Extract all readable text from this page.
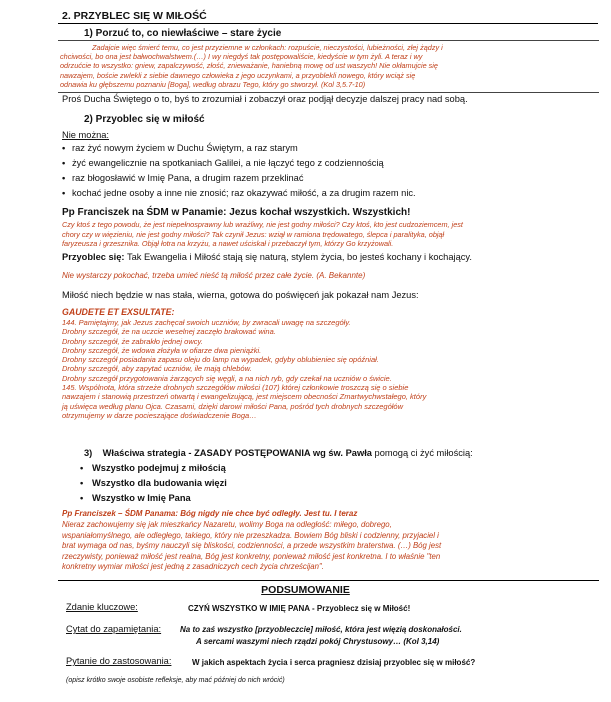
2. PRZYBLEC SIĘ W MIŁOŚĆ
1) Porzuć to, co niewłaściwe – stare życie

Zadajcie więc śmierć temu, co jest przyziemne w członkach: rozpuście, nieczystości, lubieżności, złej żądzy i

chciwości, bo ona jest bałwochwalstwem.(…) I wy niegdyś tak postępowaliście, kiedyście w tym żyli. A teraz i wy

odrzućcie to wszystko: gniew, zapalczywość, złość, znieważanie, haniebną mowę od ust waszych! Nie okłamujcie się

nawzajem, boście zwlekli z siebie dawnego człowieka z jego uczynkami, a przyoblekli nowego, który wciąż się

odnawia ku głębszemu poznaniu [Boga], według obrazu Tego, który go stworzył. (Kol 3,5.7-10)

Proś Ducha Świętego o to, byś to zrozumiał i zobaczył oraz podjął decyzje dalszej pracy nad sobą.
2) Przyobleс się w miłość
Nie można:
• raz żyć nowym życiem w Duchu Świętym, a raz starym
• żyć ewangelicznie na spotkaniach Galilei, a nie łączyć tego z codziennością
• raz błogosławić w Imię Pana, a drugim razem przeklinać
• kochać jedne osoby a inne nie znosić; raz okazywać miłość, a za drugim razem nic.
Pp Franciszek na ŚDM w Panamie: Jezus kochał wszystkich. Wszystkich!

Czy ktoś z tego powodu, że jest niepełnosprawny lub wrażliwy, nie jest godny miłości? Czy ktoś, kto jest cudzoziemcem, jest

chory czy w więzieniu, nie jest godny miłości? Tak czynił Jezus: wziął w ramiona trędowatego, ślepca i paralityka, objął

faryzeusza i grzesznika. Objął łotra na krzyżu, a nawet uściskał i przebaczył tym, którzy Go krzyżowali.

Przyoblec się: Tak Ewangelia i Miłość stają się naturą, stylem życia, bo jesteś kochany i kochający.
Nie wystarczy pokochać, trzeba umieć nieść tą miłość przez całe życie. (A. Bekannte)
Miłość niech będzie w nas stała, wierna, gotowa do poświęceń jak pokazał nam Jezus:
GAUDETE ET EXSULTATE:
144. Pamiętajmy, jak Jezus zachęcał swoich uczniów, by zwracali uwagę na szczegóły.
Drobny szczegół, że na uczcie weselnej zaczęło brakować wina.
Drobny szczegół, że zabrakło jednej owcy.
Drobny szczegół, że wdowa złożyła w ofiarze dwa pieniążki.
Drobny szczegół posiadania zapasu oleju do lamp na wypadek, gdyby oblubieniec się opóźniał.
Drobny szczegół, aby zapytać uczniów, ile mają chlebów.
Drobny szczegół przygotowania żarzących się węgli, a na nich ryb, gdy czekał na uczniów o świcie.
145. Wspólnota, która strzeże drobnych szczegółów miłości (107) której członkowie troszczą się o siebie
nawzajem i stanowią przestrzeń otwartą i ewangelizującą, jest miejscem obecności Zmartwychwstałego, który
ją uświęca według planu Ojca. Czasami, dzięki darowi miłości Pana, pośród tych drobnych szczegółów
otrzymujemy w darze pocieszające doświadczenie Boga…
3) Właściwa strategia - ZASADY POSTĘPOWANIA wg św. Pawła pomogą ci żyć miłością:
• Wszystko podejmuj z miłością
• Wszystko dla budowania więzi
• Wszystko w Imię Pana
Pp Franciszek – ŚDM Panama: Bóg nigdy nie chce być odległy. Jest tu. I teraz
Nieraz zachowujemy się jak mieszkańcy Nazaretu, wolimy Boga na odległość: miłego, dobrego,
wspaniałomyślnego, ale odległego, takiego, który nie przeszkadza. Bowiem Bóg bliski i codzienny, przyjaciel i
brat wymaga od nas, byśmy nauczyli się bliskości, codzienności, a przede wszystkim braterstwa. (…) Bóg jest
rzeczywisty, ponieważ miłość jest realna, Bóg jest konkretny, ponieważ miłość jest konkretna. I to właśnie "ten
konkretny wymiar miłości jest jedną z zasadniczych cech życia chrześcijan".
PODSUMOWANIE
Zdanie kluczowe:	CZYŃ WSZYSTKO W IMIĘ PANA - Przyoblecz się w Miłość!
Cytat do zapamiętania: Na to zaś wszystko [przyobleczcie] miłość, która jest więzią doskonałości.
A sercami waszymi niech rządzi pokój Chrystusowy… (Kol 3,14)
Pytanie do zastosowania:	W jakich aspektach życia i serca pragniesz dzisiaj przyoblec się w miłość?
(opisz krótko swoje osobiste refleksje, aby mać później do nich wrócić)
